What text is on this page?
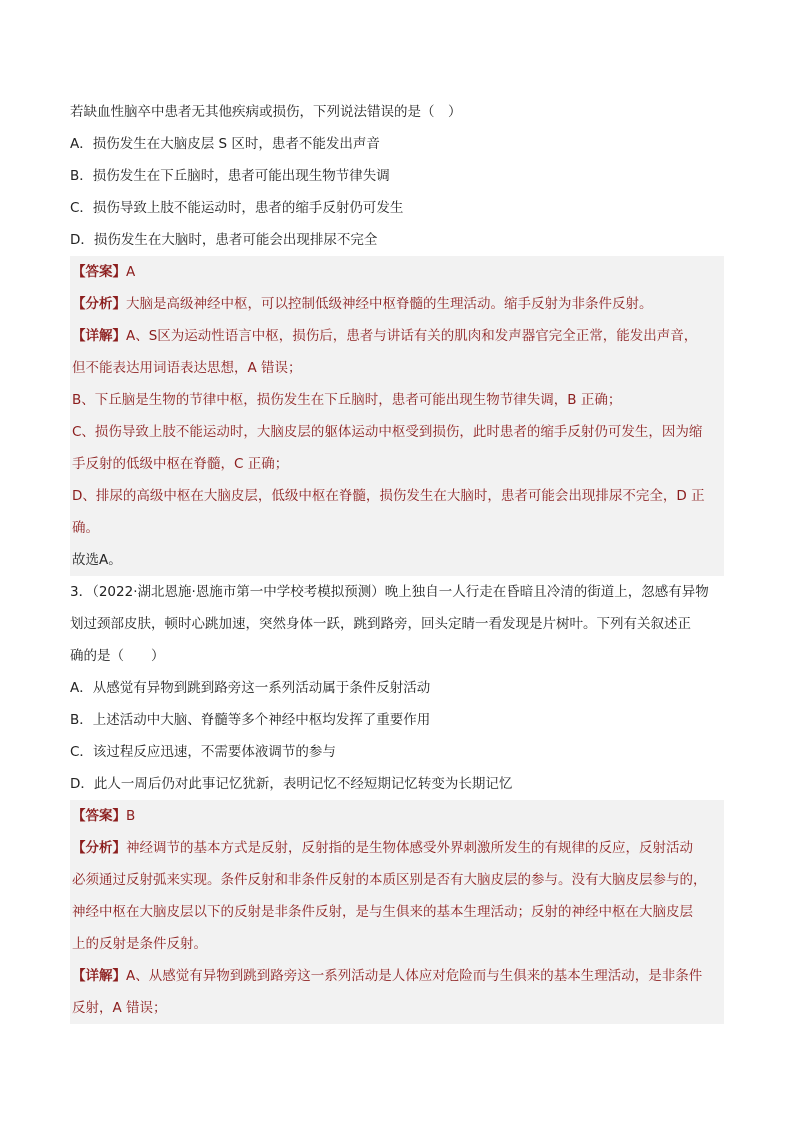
若缺血性脑卒中患者无其他疾病或损伤，下列说法错误的是（　）
A．损伤发生在大脑皮层 S 区时，患者不能发出声音
B．损伤发生在下丘脑时，患者可能出现生物节律失调
C．损伤导致上肢不能运动时，患者的缩手反射仍可发生
D．损伤发生在大脑时，患者可能会出现排尿不完全
【答案】A
【分析】大脑是高级神经中枢，可以控制低级神经中枢脊髓的生理活动。缩手反射为非条件反射。
【详解】A、S区为运动性语言中枢，损伤后，患者与讲话有关的肌肉和发声器官完全正常，能发出声音，
但不能表达用词语表达思想，A 错误；
B、下丘脑是生物的节律中枢，损伤发生在下丘脑时，患者可能出现生物节律失调，B 正确；
C、损伤导致上肢不能运动时，大脑皮层的躯体运动中枢受到损伤，此时患者的缩手反射仍可发生，因为缩
手反射的低级中枢在脊髓，C 正确；
D、排尿的高级中枢在大脑皮层，低级中枢在脊髓，损伤发生在大脑时，患者可能会出现排尿不完全，D 正
确。
故选A。
3．（2022·湖北恩施·恩施市第一中学校考模拟预测）晚上独自一人行走在昏暗且冷清的街道上，忽感有异物
划过颈部皮肤，顿时心跳加速，突然身体一跃，跳到路旁，回头定睛一看发现是片树叶。下列有关叙述正
确的是（　　）
A．从感觉有异物到跳到路旁这一系列活动属于条件反射活动
B．上述活动中大脑、脊髓等多个神经中枢均发挥了重要作用
C．该过程反应迅速，不需要体液调节的参与
D．此人一周后仍对此事记忆犹新，表明记忆不经短期记忆转变为长期记忆
【答案】B
【分析】神经调节的基本方式是反射，反射指的是生物体感受外界刺激所发生的有规律的反应，反射活动
必须通过反射弧来实现。条件反射和非条件反射的本质区别是否有大脑皮层的参与。没有大脑皮层参与的，
神经中枢在大脑皮层以下的反射是非条件反射，是与生俱来的基本生理活动；反射的神经中枢在大脑皮层
上的反射是条件反射。
【详解】A、从感觉有异物到跳到路旁这一系列活动是人体应对危险而与生俱来的基本生理活动，是非条件
反射，A 错误；
